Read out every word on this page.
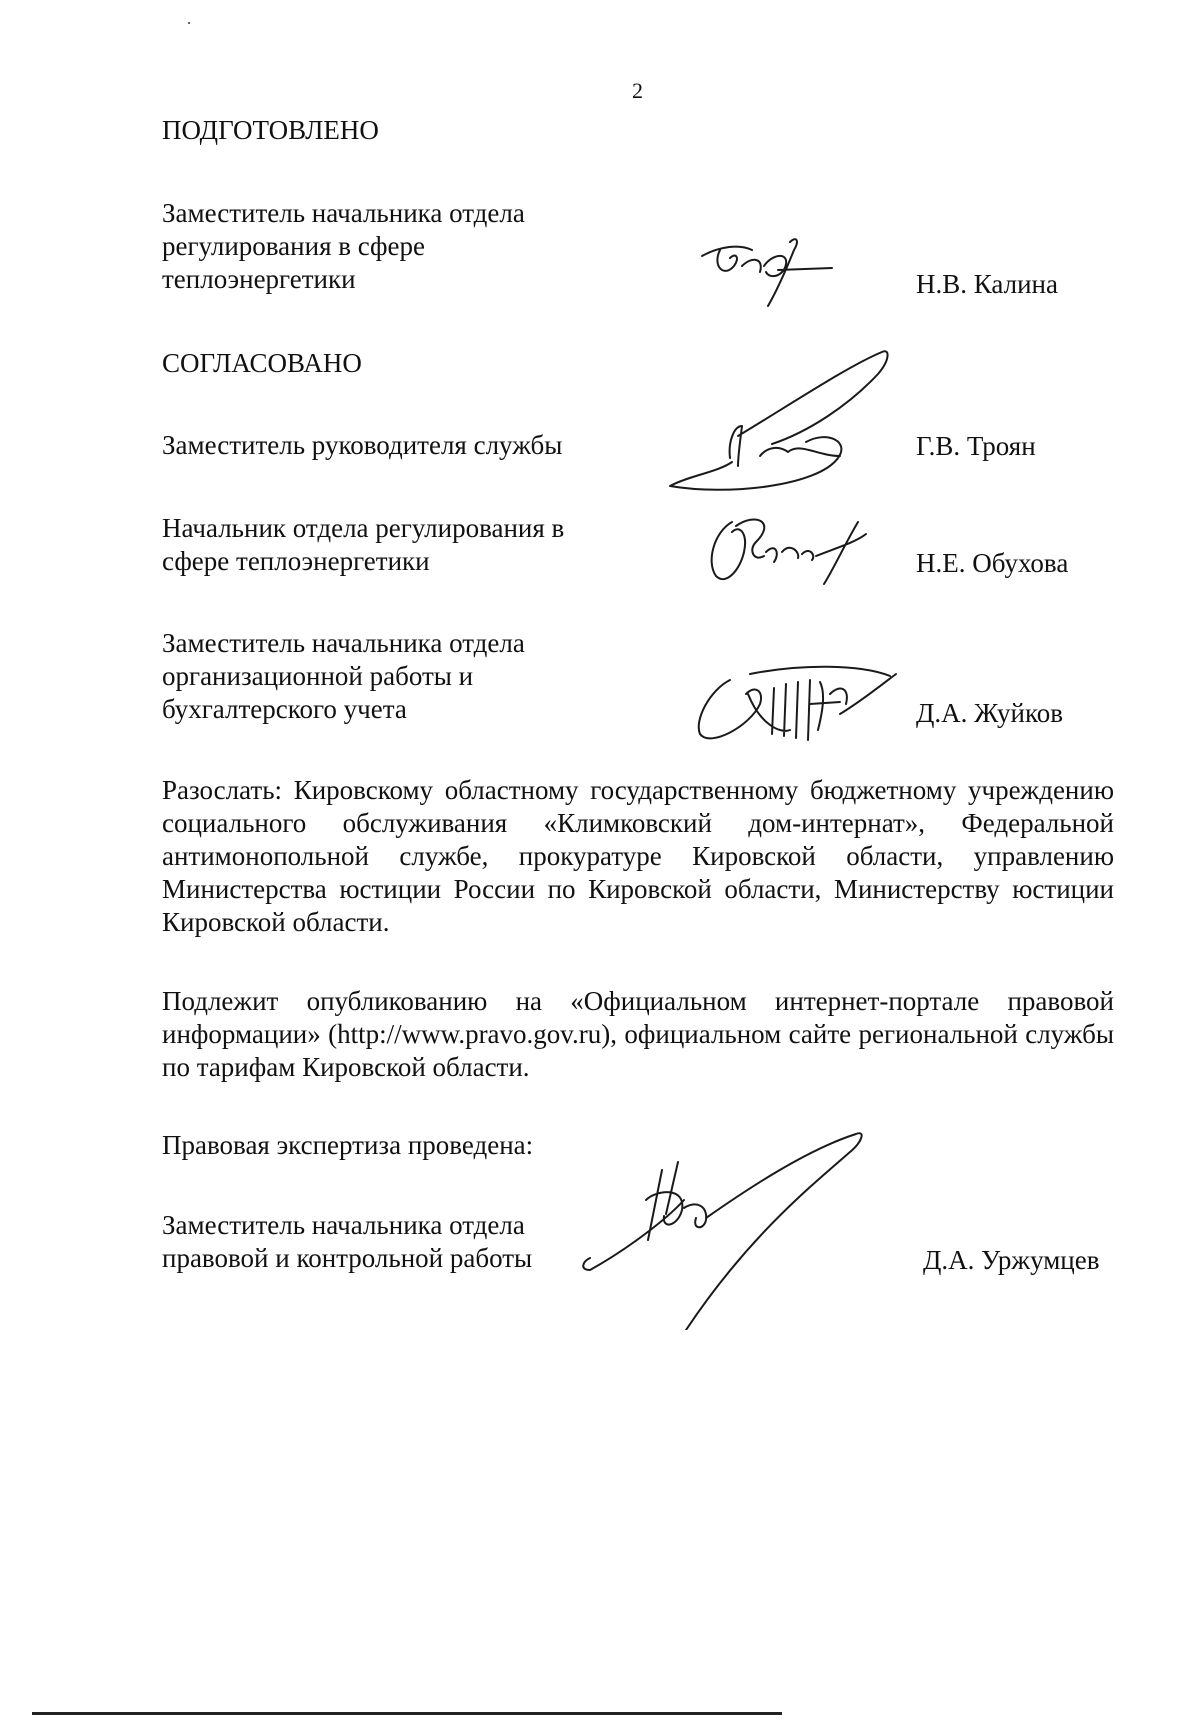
2
ПОДГОТОВЛЕНО
Заместитель начальника отдела регулирования в сфере теплоэнергетики	Н.В. Калина
СОГЛАСОВАНО
Заместитель руководителя службы	Г.В. Троян
Начальник отдела регулирования в сфере теплоэнергетики	Н.Е. Обухова
Заместитель начальника отдела организационной работы и бухгалтерского учета	Д.А. Жуйков
Разослать: Кировскому областному государственному бюджетному учреждению социального обслуживания «Климковский дом-интернат», Федеральной антимонопольной службе, прокуратуре Кировской области, управлению Министерства юстиции России по Кировской области, Министерству юстиции Кировской области.
Подлежит опубликованию на «Официальном интернет-портале правовой информации» (http://www.pravo.gov.ru), официальном сайте региональной службы по тарифам Кировской области.
Правовая экспертиза проведена:
Заместитель начальника отдела правовой и контрольной работы	Д.А. Уржумцев
